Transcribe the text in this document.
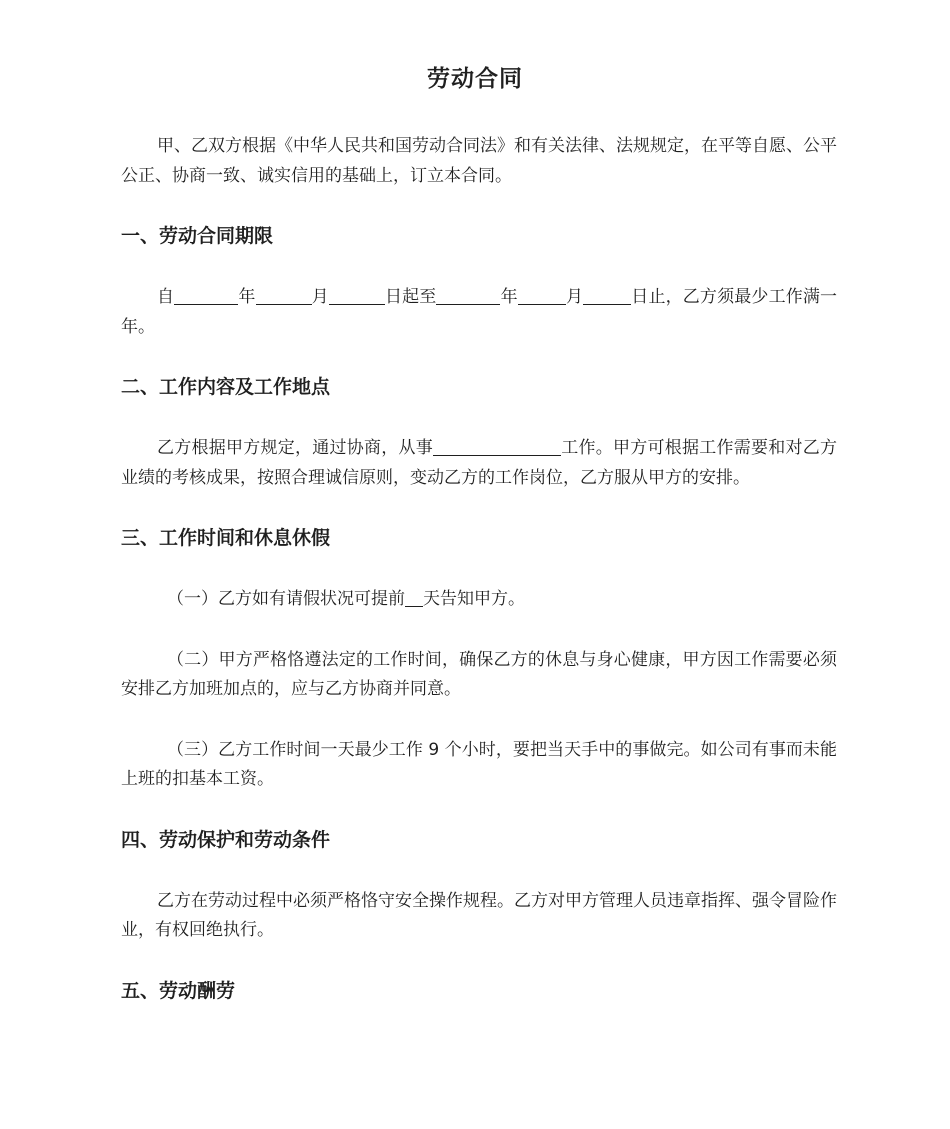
劳动合同

甲、乙双方根据《中华人民共和国劳动合同法》和有关法律、法规规定，在平等自愿、公平公正、协商一致、诚实信用的基础上，订立本合同。

一、劳动合同期限

自	年	月	日起至	年	月	日止，乙方须最少工作满一年。

二、工作内容及工作地点

乙方根据甲方规定，通过协商，从事	工作。甲方可根据工作需要和对乙方业绩的考核成果，按照合理诚信原则，变动乙方的工作岗位，乙方服从甲方的安排。

三、工作时间和休息休假

（一）乙方如有请假状况可提前 天告知甲方。

（二）甲方严格恪遵法定的工作时间，确保乙方的休息与身心健康，甲方因工作需要必须安排乙方加班加点的，应与乙方协商并同意。

（三）乙方工作时间一天最少工作 9 个小时，要把当天手中的事做完。如公司有事而未能上班的扣基本工资。

四、劳动保护和劳动条件

乙方在劳动过程中必须严格恪守安全操作规程。乙方对甲方管理人员违章指挥、强令冒险作业，有权回绝执行。

五、劳动酬劳
